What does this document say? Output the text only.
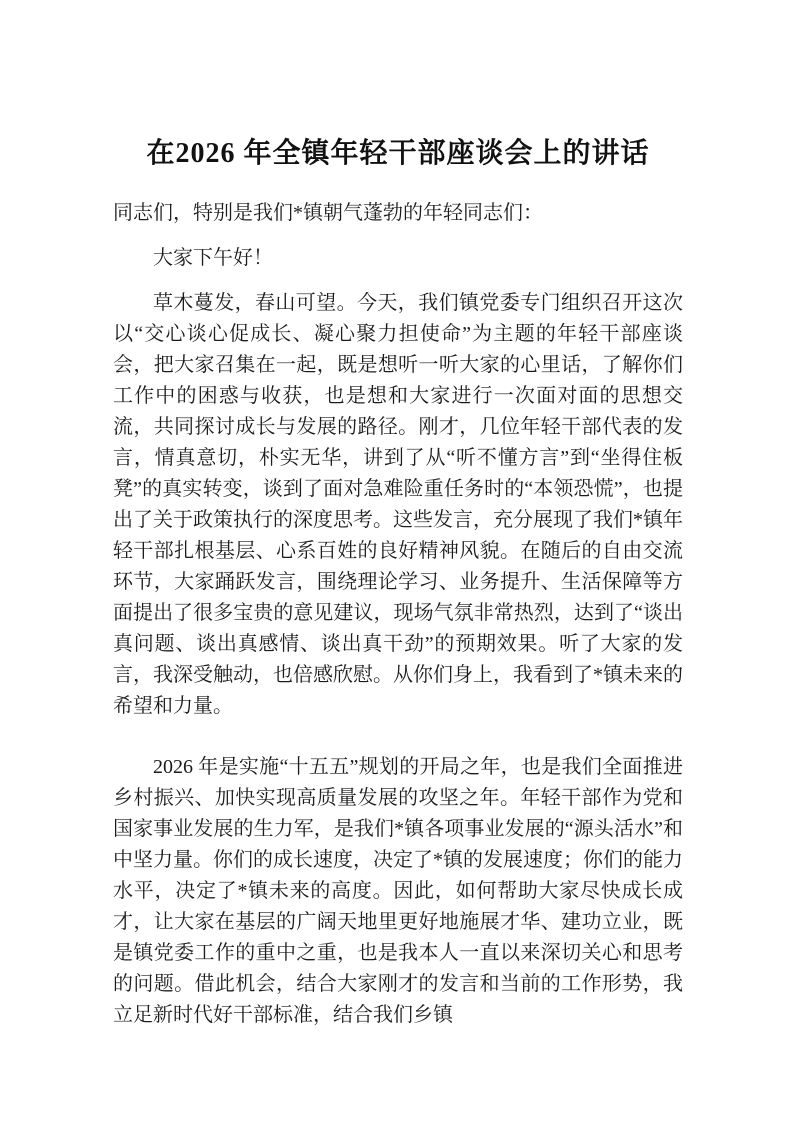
在2026 年全镇年轻干部座谈会上的讲话

同志们，特别是我们*镇朝气蓬勃的年轻同志们：

大家下午好！

草木蔓发，春山可望。今天，我们镇党委专门组织召开这次以“交心谈心促成长、凝心聚力担使命”为主题的年轻干部座谈会，把大家召集在一起，既是想听一听大家的心里话，了解你们工作中的困惑与收获，也是想和大家进行一次面对面的思想交流，共同探讨成长与发展的路径。刚才，几位年轻干部代表的发言，情真意切，朴实无华，讲到了从“听不懂方言”到“坐得住板凳”的真实转变，谈到了面对急难险重任务时的“本领恐慌”，也提出了关于政策执行的深度思考。这些发言，充分展现了我们*镇年轻干部扎根基层、心系百姓的良好精神风貌。在随后的自由交流环节，大家踊跃发言，围绕理论学习、业务提升、生活保障等方面提出了很多宝贵的意见建议，现场气氛非常热烈，达到了“谈出真问题、谈出真感情、谈出真干劲”的预期效果。听了大家的发言，我深受触动，也倍感欣慰。从你们身上，我看到了*镇未来的希望和力量。

2026 年是实施“十五五”规划的开局之年，也是我们全面推进乡村振兴、加快实现高质量发展的攻坚之年。年轻干部作为党和国家事业发展的生力军，是我们*镇各项事业发展的“源头活水”和中坚力量。你们的成长速度，决定了*镇的发展速度；你们的能力水平，决定了*镇未来的高度。因此，如何帮助大家尽快成长成才，让大家在基层的广阔天地里更好地施展才华、建功立业，既是镇党委工作的重中之重，也是我本人一直以来深切关心和思考的问题。借此机会，结合大家刚才的发言和当前的工作形势，我立足新时代好干部标准，结合我们乡镇
